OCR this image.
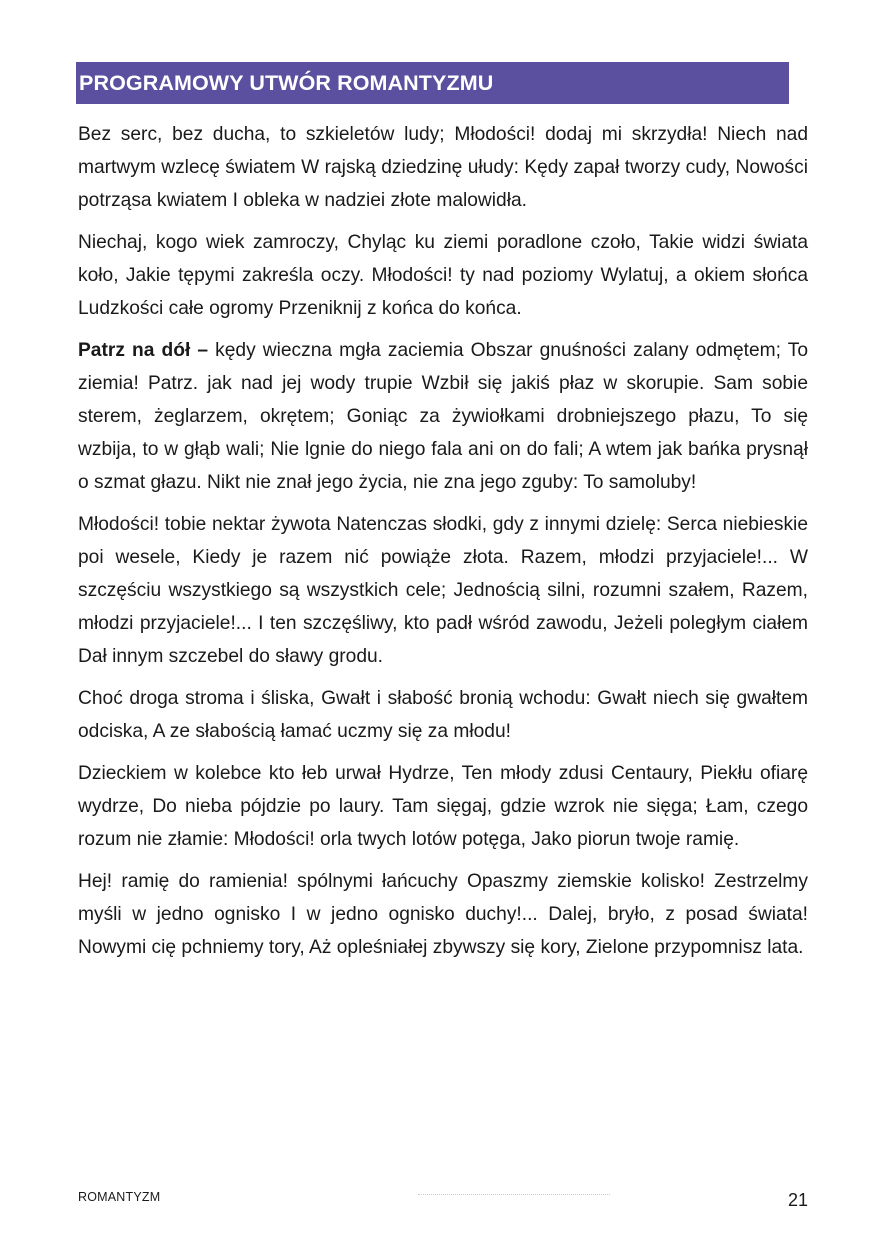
PROGRAMOWY UTWÓR ROMANTYZMU

Bez serc, bez ducha, to szkieletów ludy; Młodości! dodaj mi skrzydła! Niech nad martwym wzlecę światem W rajską dziedzinę ułudy: Kędy zapał tworzy cudy, Nowości potrząsa kwiatem I obleka w nadziei złote malowidła.

Niechaj, kogo wiek zamroczy, Chyląc ku ziemi poradlone czoło, Takie widzi świata koło, Jakie tępymi zakreśla oczy. Młodości! ty nad poziomy Wylatuj, a okiem słońca Ludzkości całe ogromy Przeniknij z końca do końca.

Patrz na dół – kędy wieczna mgła zaciemia Obszar gnuśności zalany odmętem; To ziemia! Patrz. jak nad jej wody trupie Wzbił się jakiś płaz w skorupie. Sam sobie sterem, żeglarzem, okrętem; Goniąc za żywiołkami drobniejszego płazu, To się wzbija, to w głąb wali; Nie lgnie do niego fala ani on do fali; A wtem jak bańka prysnął o szmat głazu. Nikt nie znał jego życia, nie zna jego zguby: To samoluby!

Młodości! tobie nektar żywota Natenczas słodki, gdy z innymi dzielę: Serca niebieskie poi wesele, Kiedy je razem nić powiąże złota. Razem, młodzi przyjaciele!... W szczęściu wszystkiego są wszystkich cele; Jednością silni, rozumni szałem, Razem, młodzi przyjaciele!... I ten szczęśliwy, kto padł wśród zawodu, Jeżeli poległym ciałem Dał innym szczebel do sławy grodu.

Choć droga stroma i śliska, Gwałt i słabość bronią wchodu: Gwałt niech się gwałtem odciska, A ze słabością łamać uczmy się za młodu!

Dzieckiem w kolebce kto łeb urwał Hydrze, Ten młody zdusi Centaury, Piekłu ofiarę wydrze, Do nieba pójdzie po laury. Tam sięgaj, gdzie wzrok nie sięga; Łam, czego rozum nie złamie: Młodości! orla twych lotów potęga, Jako piorun twoje ramię.

Hej! ramię do ramienia! spólnymi łańcuchy Opaszmy ziemskie kolisko! Zestrzelmy myśli w jedno ognisko I w jedno ognisko duchy!... Dalej, bryło, z posad świata! Nowymi cię pchniemy tory, Aż opleśniałej zbywszy się kory, Zielone przypomnisz lata.

ROMANTYZM	21
